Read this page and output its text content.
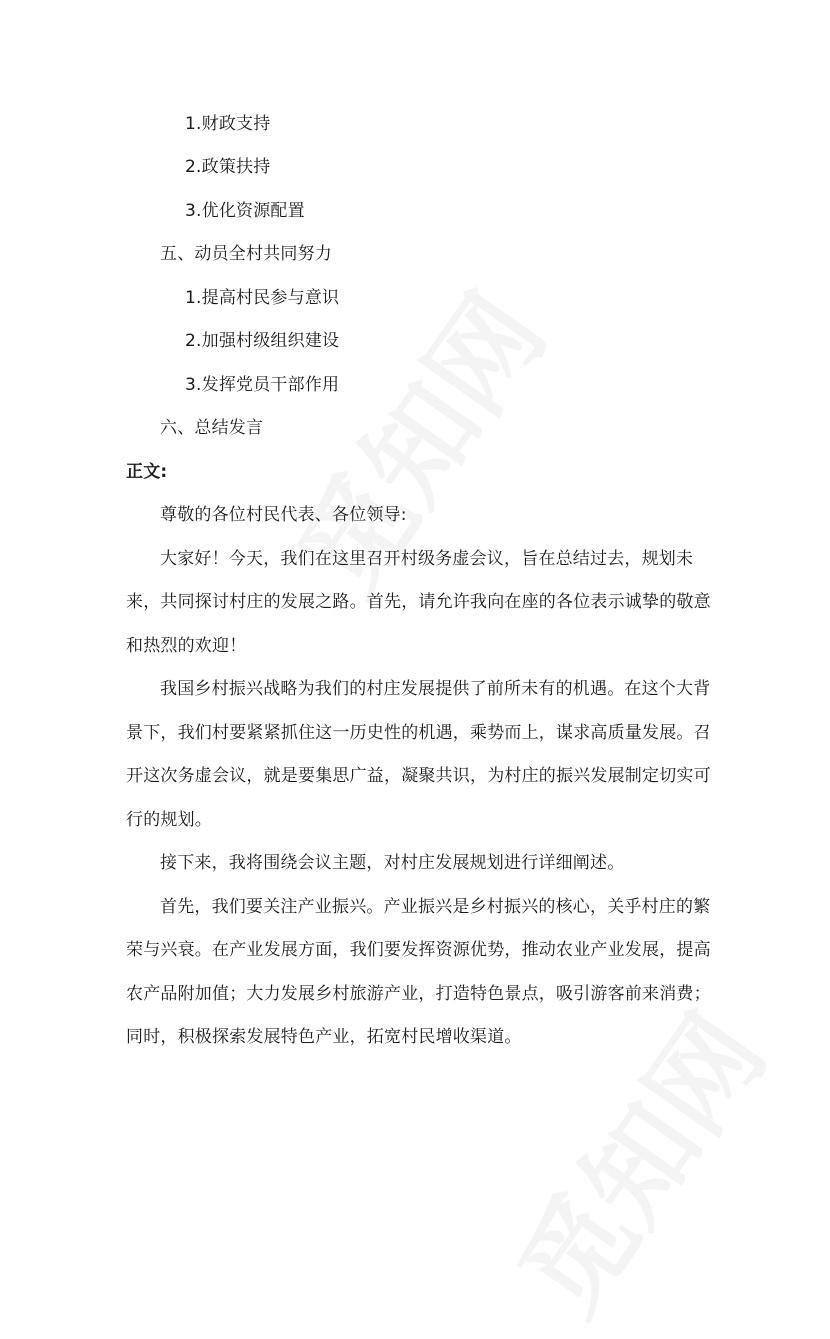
1.财政支持
2.政策扶持
3.优化资源配置
五、动员全村共同努力
1.提高村民参与意识
2.加强村级组织建设
3.发挥党员干部作用
六、总结发言
正文:
尊敬的各位村民代表、各位领导:
大家好！今天，我们在这里召开村级务虚会议，旨在总结过去，规划未
来，共同探讨村庄的发展之路。首先，请允许我向在座的各位表示诚挚的敬意
和热烈的欢迎！
我国乡村振兴战略为我们的村庄发展提供了前所未有的机遇。在这个大背
景下，我们村要紧紧抓住这一历史性的机遇，乘势而上，谋求高质量发展。召
开这次务虚会议，就是要集思广益，凝聚共识，为村庄的振兴发展制定切实可
行的规划。
接下来，我将围绕会议主题，对村庄发展规划进行详细阐述。
首先，我们要关注产业振兴。产业振兴是乡村振兴的核心，关乎村庄的繁
荣与兴衰。在产业发展方面，我们要发挥资源优势，推动农业产业发展，提高
农产品附加值；大力发展乡村旅游产业，打造特色景点，吸引游客前来消费；
同时，积极探索发展特色产业，拓宽村民增收渠道。
